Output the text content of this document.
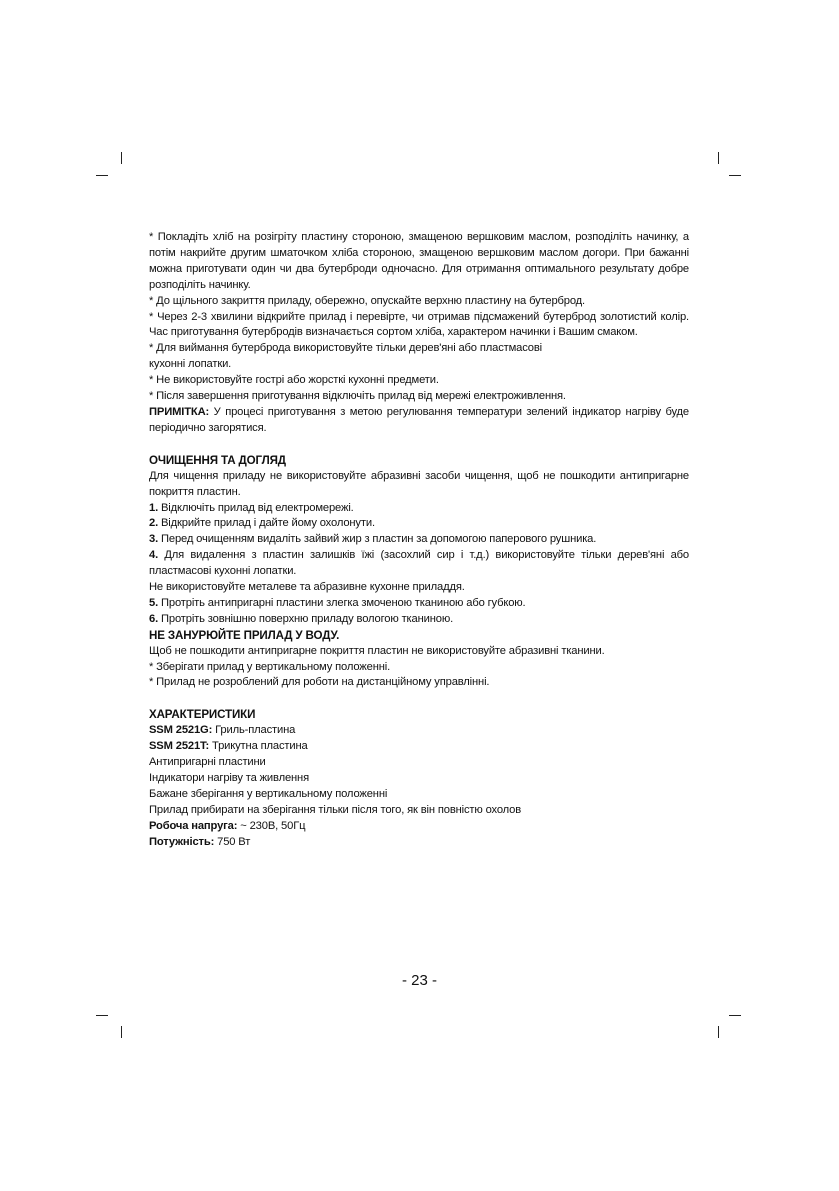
* Покладіть хліб на розігріту пластину стороною, змащеною вершковим маслом, розподіліть начинку, а потім накрийте другим шматочком хліба стороною, змащеною вершковим маслом догори. При бажанні можна приготувати один чи два бутерброди одночасно. Для отримання оптимального результату добре розподіліть начинку.

* До щільного закриття приладу, обережно, опускайте верхню пластину на бутерброд.

* Через 2-3 хвилини відкрийте прилад і перевірте, чи отримав підсмажений бутерброд золотистий колір. Час приготування бутербродів визначається сортом хліба, характером начинки і Вашим смаком.

* Для виймання бутерброда використовуйте тільки дерев'яні або пластмасові

кухонні лопатки.

* Не використовуйте гострі або жорсткі кухонні предмети.

* Після завершення приготування відключіть прилад від мережі електроживлення.

ПРИМІТКА: У процесі приготування з метою регулювання температури зелений індикатор нагріву буде періодично загорятися.

ОЧИЩЕННЯ ТА ДОГЛЯД

Для чищення приладу не використовуйте абразивні засоби чищення, щоб не пошкодити антипригарне покриття пластин.

1. Відключіть прилад від електромережі.

2. Відкрийте прилад і дайте йому охолонути.

3. Перед очищенням видаліть зайвий жир з пластин за допомогою паперового рушника.

4. Для видалення з пластин залишків їжі (засохлий сир і т.д.) використовуйте тільки дерев'яні або пластмасові кухонні лопатки.

Не використовуйте металеве та абразивне кухонне приладдя.

5. Протріть антипригарні пластини злегка змоченою тканиною або губкою.

6. Протріть зовнішню поверхню приладу вологою тканиною.

НЕ ЗАНУРЮЙТЕ ПРИЛАД У ВОДУ.

Щоб не пошкодити антипригарне покриття пластин не використовуйте абразивні тканини.

* Зберігати прилад у вертикальному положенні.

* Прилад не розроблений для роботи на дистанційному управлінні.

ХАРАКТЕРИСТИКИ

SSM 2521G: Гриль-пластина

SSM 2521T: Трикутна пластина

Антипригарні пластини

Індикатори нагріву та живлення

Бажане зберігання у вертикальному положенні

Прилад прибирати на зберігання тільки після того, як він повністю охолов

Робоча напруга: ~ 230В, 50Гц

Потужність: 750 Вт

- 23 -
